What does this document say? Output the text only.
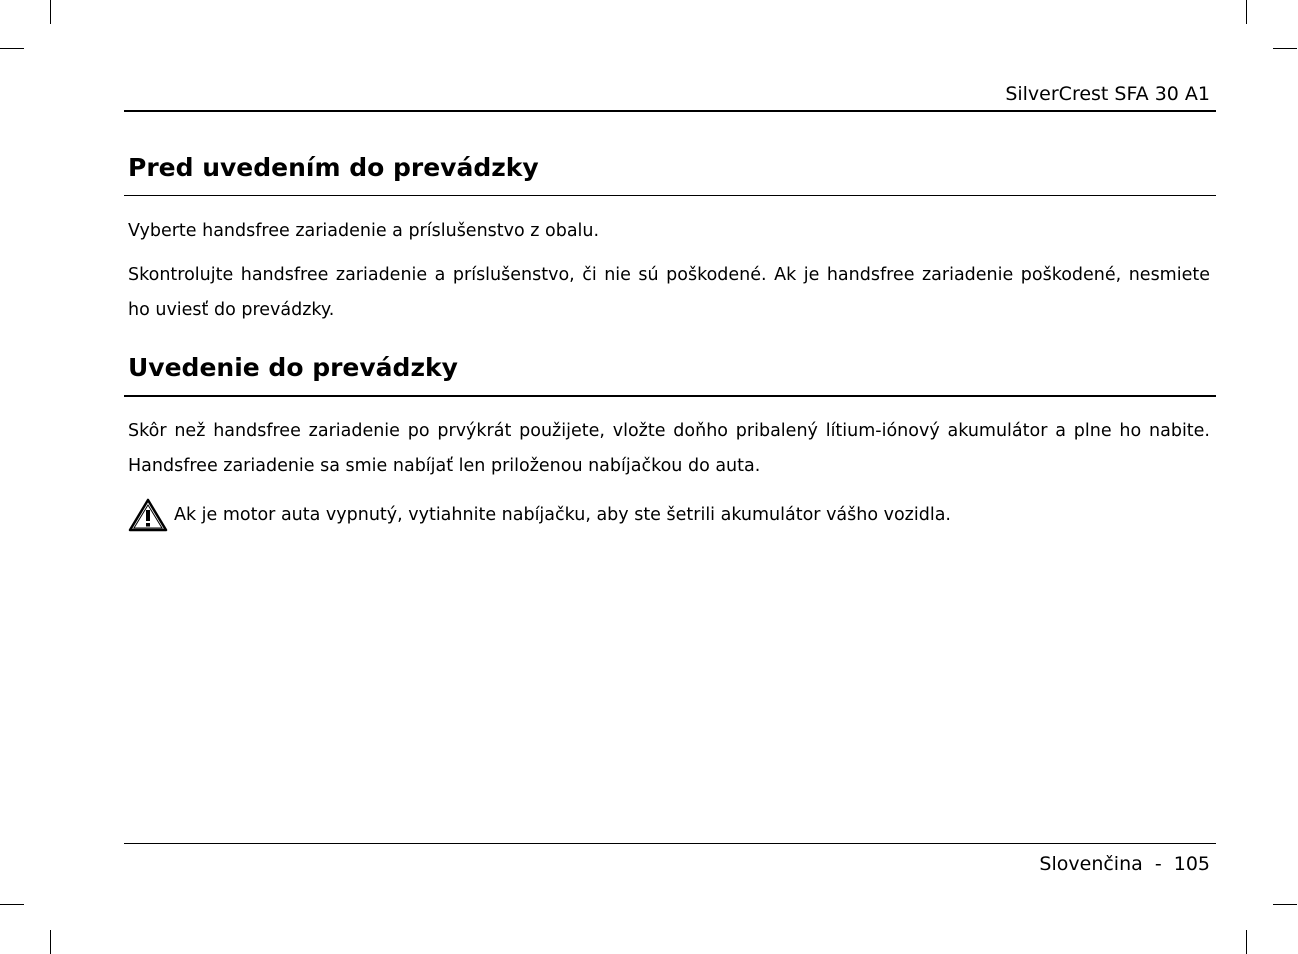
SilverCrest SFA 30 A1
Pred uvedením do prevádzky

Vyberte handsfree zariadenie a príslušenstvo z obalu.

Skontrolujte handsfree zariadenie a príslušenstvo, či nie sú poškodené. Ak je handsfree zariadenie poškodené, nesmiete ho uviesť do prevádzky.

Uvedenie do prevádzky

Skôr než handsfree zariadenie po prvýkrát použijete, vložte doňho pribalený lítium-iónový akumulátor a plne ho nabite. Handsfree zariadenie sa smie nabíjať len priloženou nabíjačkou do auta.

Ak je motor auta vypnutý, vytiahnite nabíjačku, aby ste šetrili akumulátor vášho vozidla.
Slovenčina - 105
